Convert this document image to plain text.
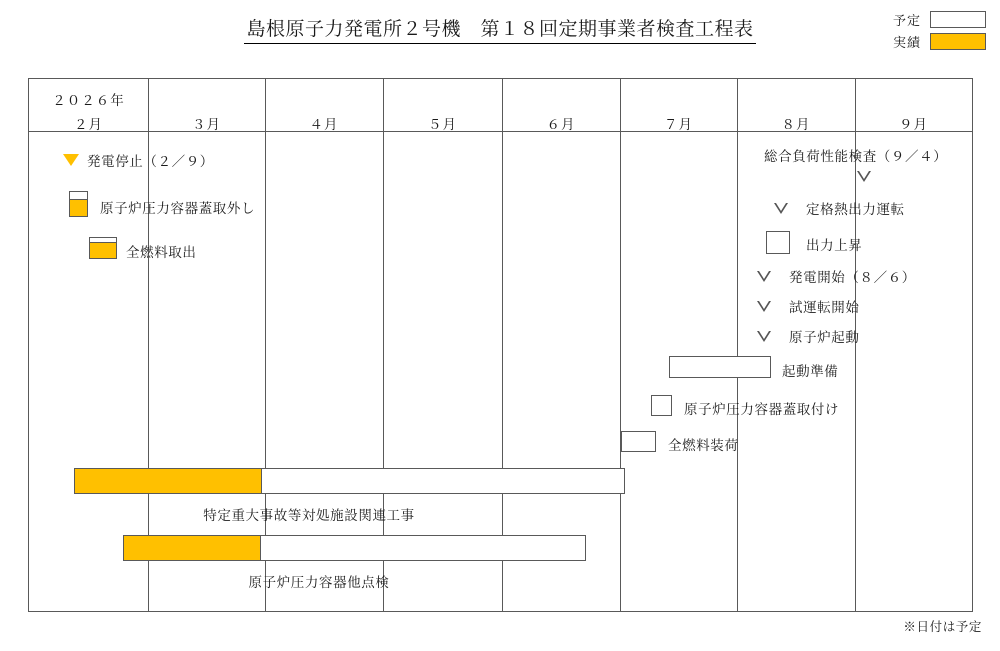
島根原子力発電所２号機　第１８回定期事業者検査工程表	予定
実績
２０２６年
２月	３月	４月	５月	６月	７月	８月	９月
発電停止（２／９）
原子炉圧力容器蓋取外し
全燃料取出
総合負荷性能検査（９／４）
定格熱出力運転
出力上昇
発電開始（８／６）
試運転開始
原子炉起動
起動準備
原子炉圧力容器蓋取付け
全燃料装荷
特定重大事故等対処施設関連工事
原子炉圧力容器他点検
※日付は予定
